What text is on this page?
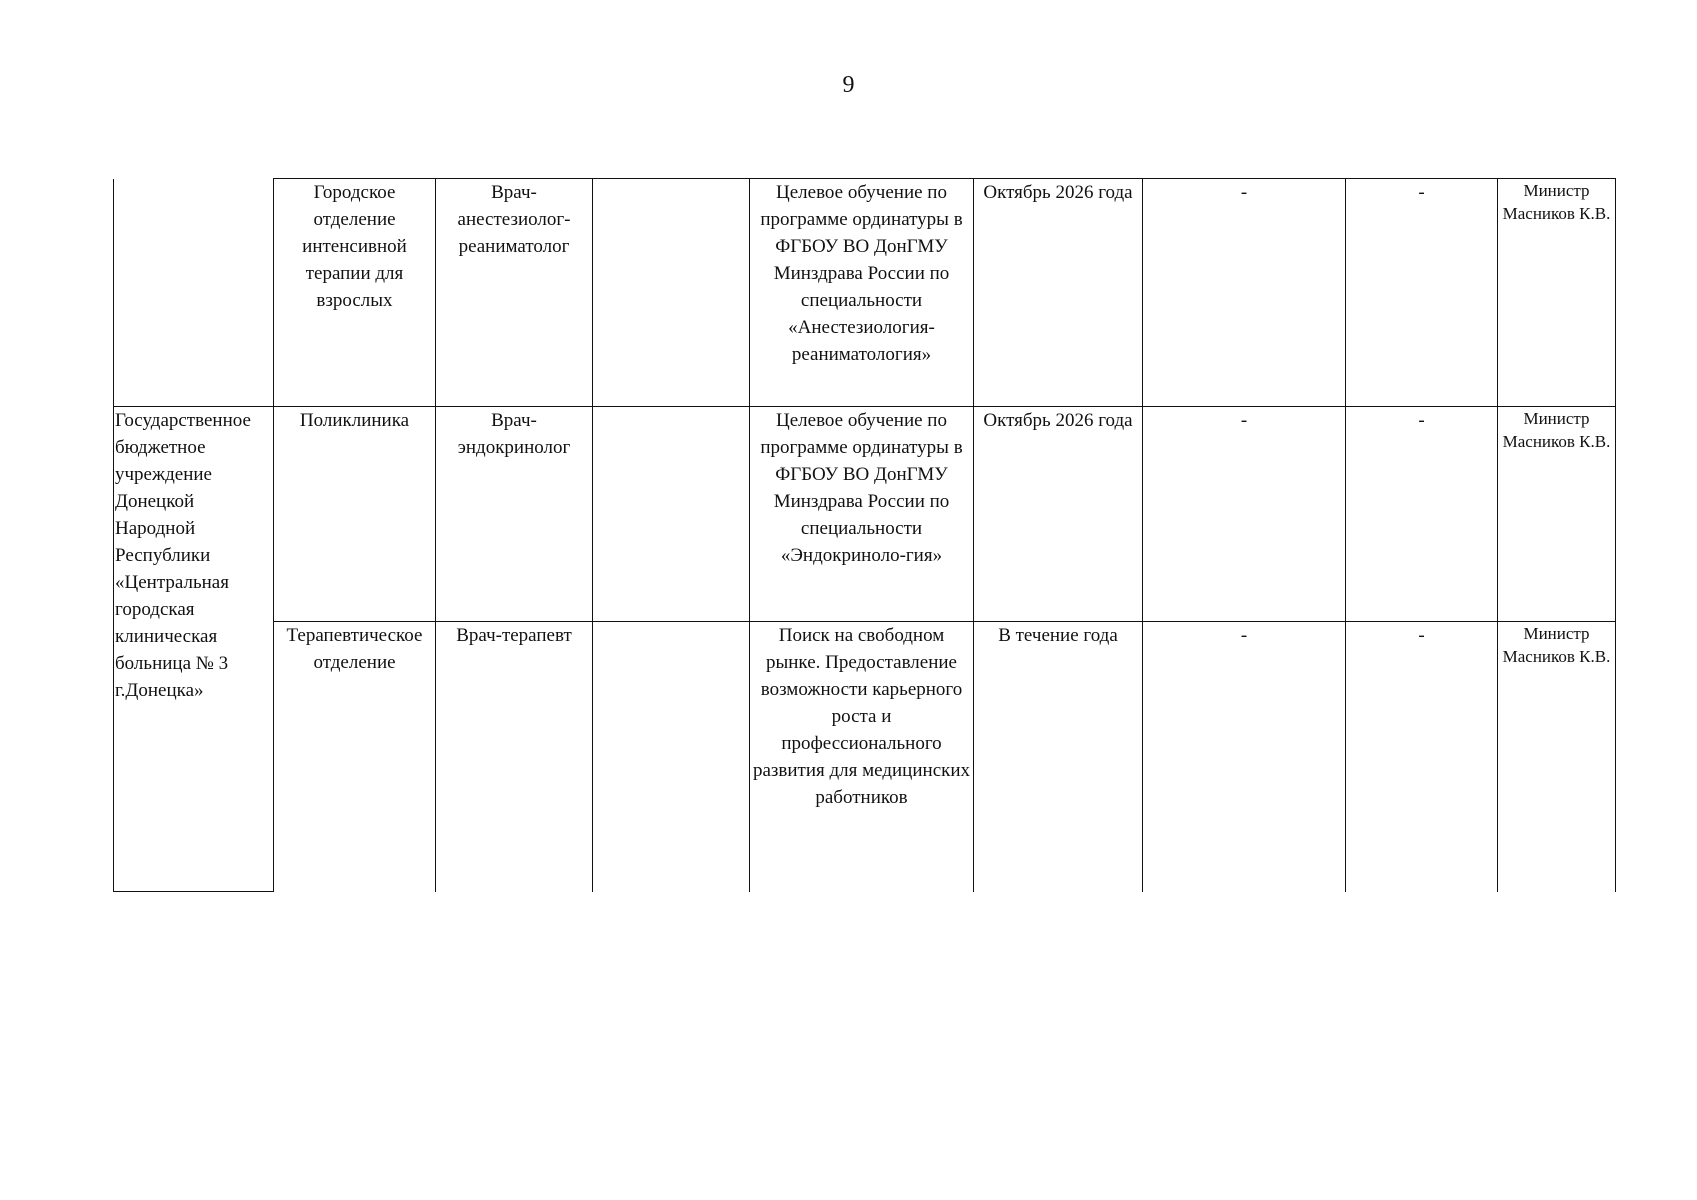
9
	Городское отделение интенсивной терапии для взрослых	Врач-анестезиолог-реаниматолог		Целевое обучение по программе ординатуры в ФГБОУ ВО ДонГМУ Минздрава России по специальности «Анестезиология-реаниматология»	Октябрь 2026 года	-	-	Министр Масников К.В.
Государственное бюджетное учреждение Донецкой Народной Республики «Центральная городская клиническая больница № 3 г.Донецка»	Поликлиника	Врач-эндокринолог		Целевое обучение по программе ординатуры в ФГБОУ ВО ДонГМУ Минздрава России по специальности «Эндокриноло-гия»	Октябрь 2026 года	-	-	Министр Масников К.В.
	Терапевтическое отделение	Врач-терапевт		Поиск на свободном рынке. Предоставление возможности карьерного роста и профессионального развития для медицинских работников	В течение года	-	-	Министр Масников К.В.
